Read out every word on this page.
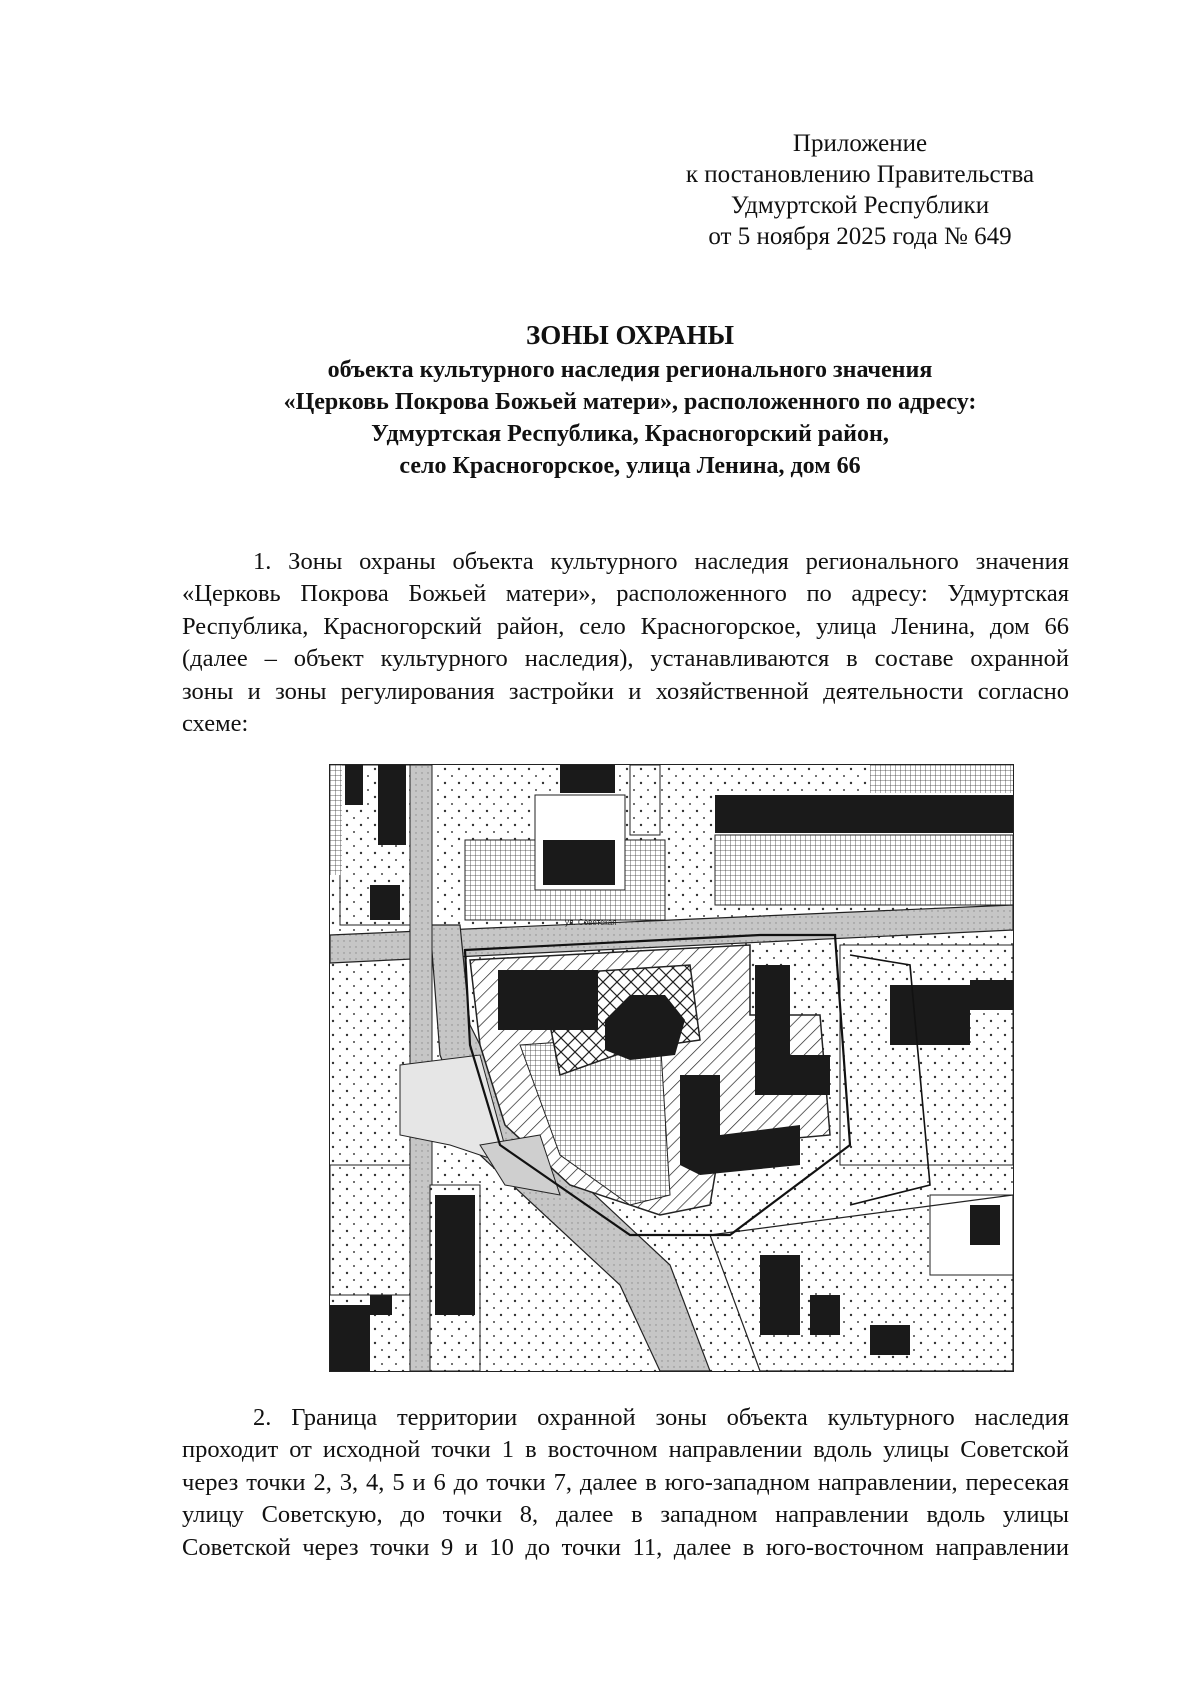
Приложение
к постановлению Правительства
Удмуртской Республики
от 5 ноября 2025 года № 649
ЗОНЫ ОХРАНЫ
объекта культурного наследия регионального значения
«Церковь Покрова Божьей матери», расположенного по адресу:
Удмуртская Республика, Красногорский район,
село Красногорское, улица Ленина, дом 66

1. Зоны охраны объекта культурного наследия регионального значения
«Церковь Покрова Божьей матери», расположенного по адресу: Удмуртская
Республика, Красногорский район, село Красногорское, улица Ленина, дом 66
(далее – объект культурного наследия), устанавливаются в составе охранной
зоны и зоны регулирования застройки и хозяйственной деятельности согласно
схеме:

ул. Советская

2. Граница территории охранной зоны объекта культурного наследия
проходит от исходной точки 1 в восточном направлении вдоль улицы Советской
через точки 2, 3, 4, 5 и 6 до точки 7, далее в юго-западном направлении, пересекая
улицу Советскую, до точки 8, далее в западном направлении вдоль улицы
Советской через точки 9 и 10 до точки 11, далее в юго-восточном направлении
